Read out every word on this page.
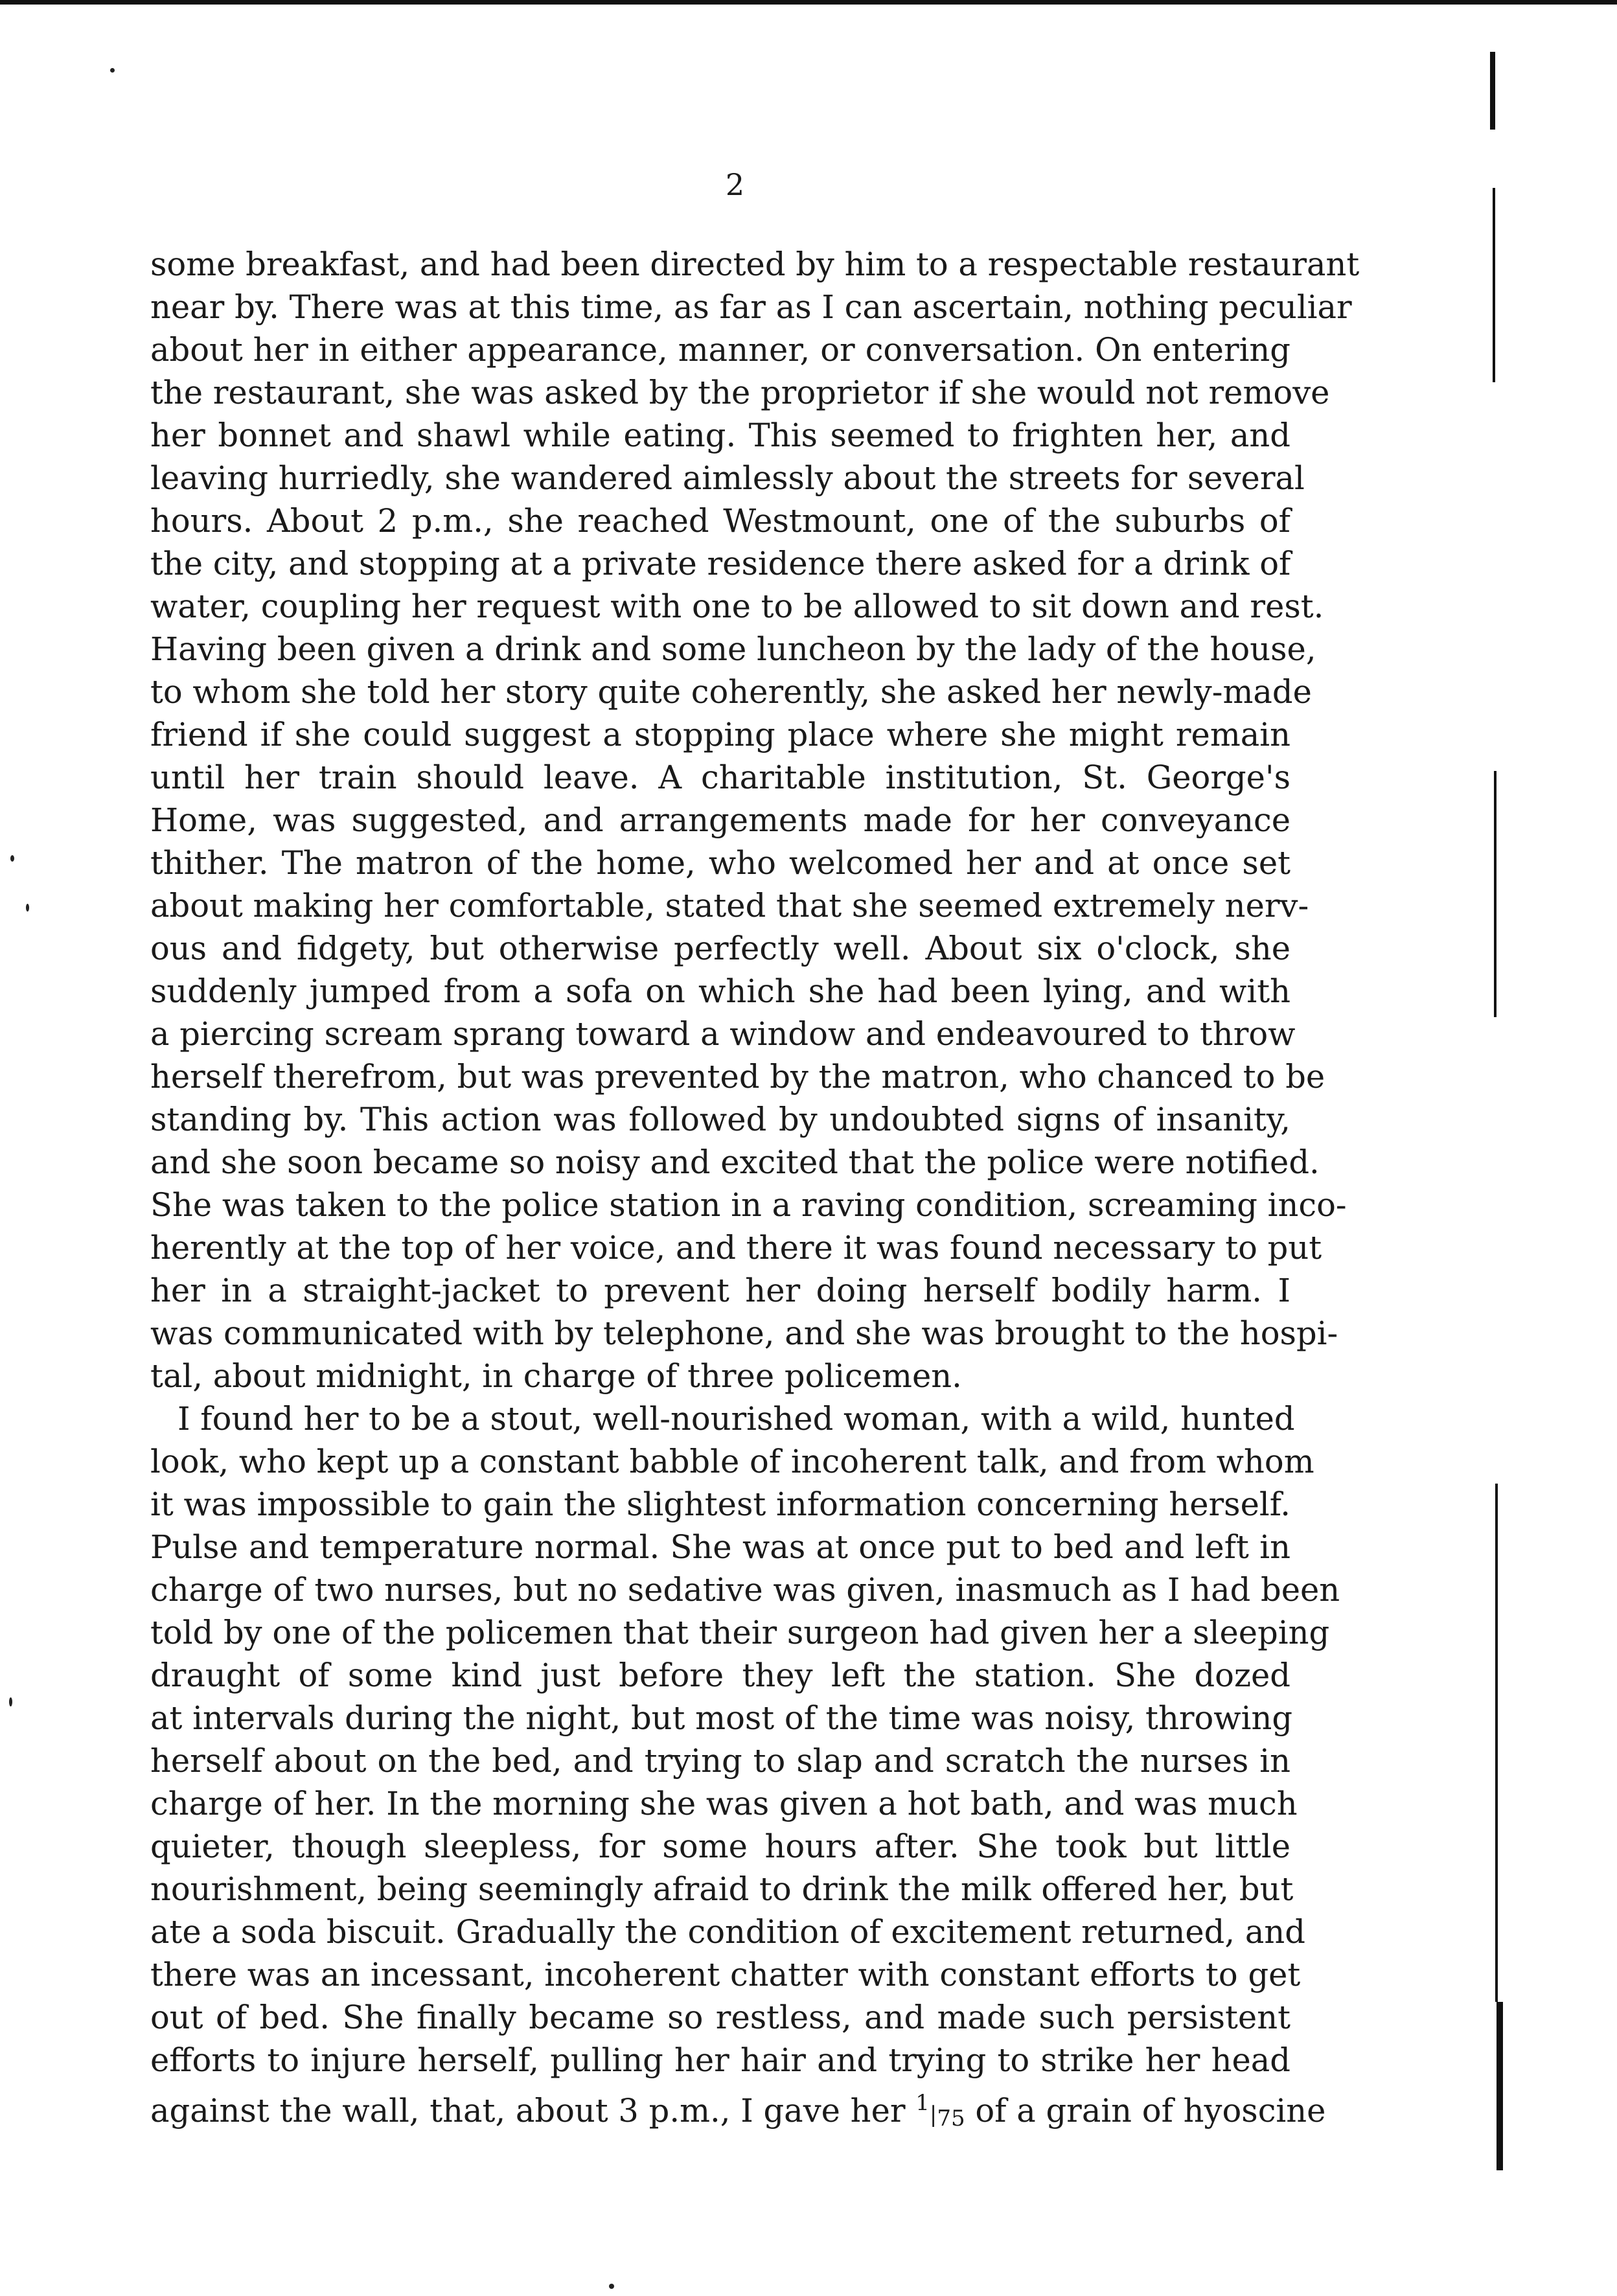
2
some breakfast, and had been directed by him to a respectable restaurant
near by. There was at this time, as far as I can ascertain, nothing peculiar
about her in either appearance, manner, or conversation. On entering
the restaurant, she was asked by the proprietor if she would not remove
her bonnet and shawl while eating. This seemed to frighten her, and
leaving hurriedly, she wandered aimlessly about the streets for several
hours. About 2 p.m., she reached Westmount, one of the suburbs of
the city, and stopping at a private residence there asked for a drink of
water, coupling her request with one to be allowed to sit down and rest.
Having been given a drink and some luncheon by the lady of the house,
to whom she told her story quite coherently, she asked her newly-made
friend if she could suggest a stopping place where she might remain
until her train should leave. A charitable institution, St. George's
Home, was suggested, and arrangements made for her conveyance
thither. The matron of the home, who welcomed her and at once set
about making her comfortable, stated that she seemed extremely nerv-
ous and fidgety, but otherwise perfectly well. About six o'clock, she
suddenly jumped from a sofa on which she had been lying, and with
a piercing scream sprang toward a window and endeavoured to throw
herself therefrom, but was prevented by the matron, who chanced to be
standing by. This action was followed by undoubted signs of insanity,
and she soon became so noisy and excited that the police were notified.
She was taken to the police station in a raving condition, screaming inco-
herently at the top of her voice, and there it was found necessary to put
her in a straight-jacket to prevent her doing herself bodily harm. I
was communicated with by telephone, and she was brought to the hospi-
tal, about midnight, in charge of three policemen.
I found her to be a stout, well-nourished woman, with a wild, hunted
look, who kept up a constant babble of incoherent talk, and from whom
it was impossible to gain the slightest information concerning herself.
Pulse and temperature normal. She was at once put to bed and left in
charge of two nurses, but no sedative was given, inasmuch as I had been
told by one of the policemen that their surgeon had given her a sleeping
draught of some kind just before they left the station. She dozed
at intervals during the night, but most of the time was noisy, throwing
herself about on the bed, and trying to slap and scratch the nurses in
charge of her. In the morning she was given a hot bath, and was much
quieter, though sleepless, for some hours after. She took but little
nourishment, being seemingly afraid to drink the milk offered her, but
ate a soda biscuit. Gradually the condition of excitement returned, and
there was an incessant, incoherent chatter with constant efforts to get
out of bed. She finally became so restless, and made such persistent
efforts to injure herself, pulling her hair and trying to strike her head
against the wall, that, about 3 p.m., I gave her 1|75 of a grain of hyoscine
